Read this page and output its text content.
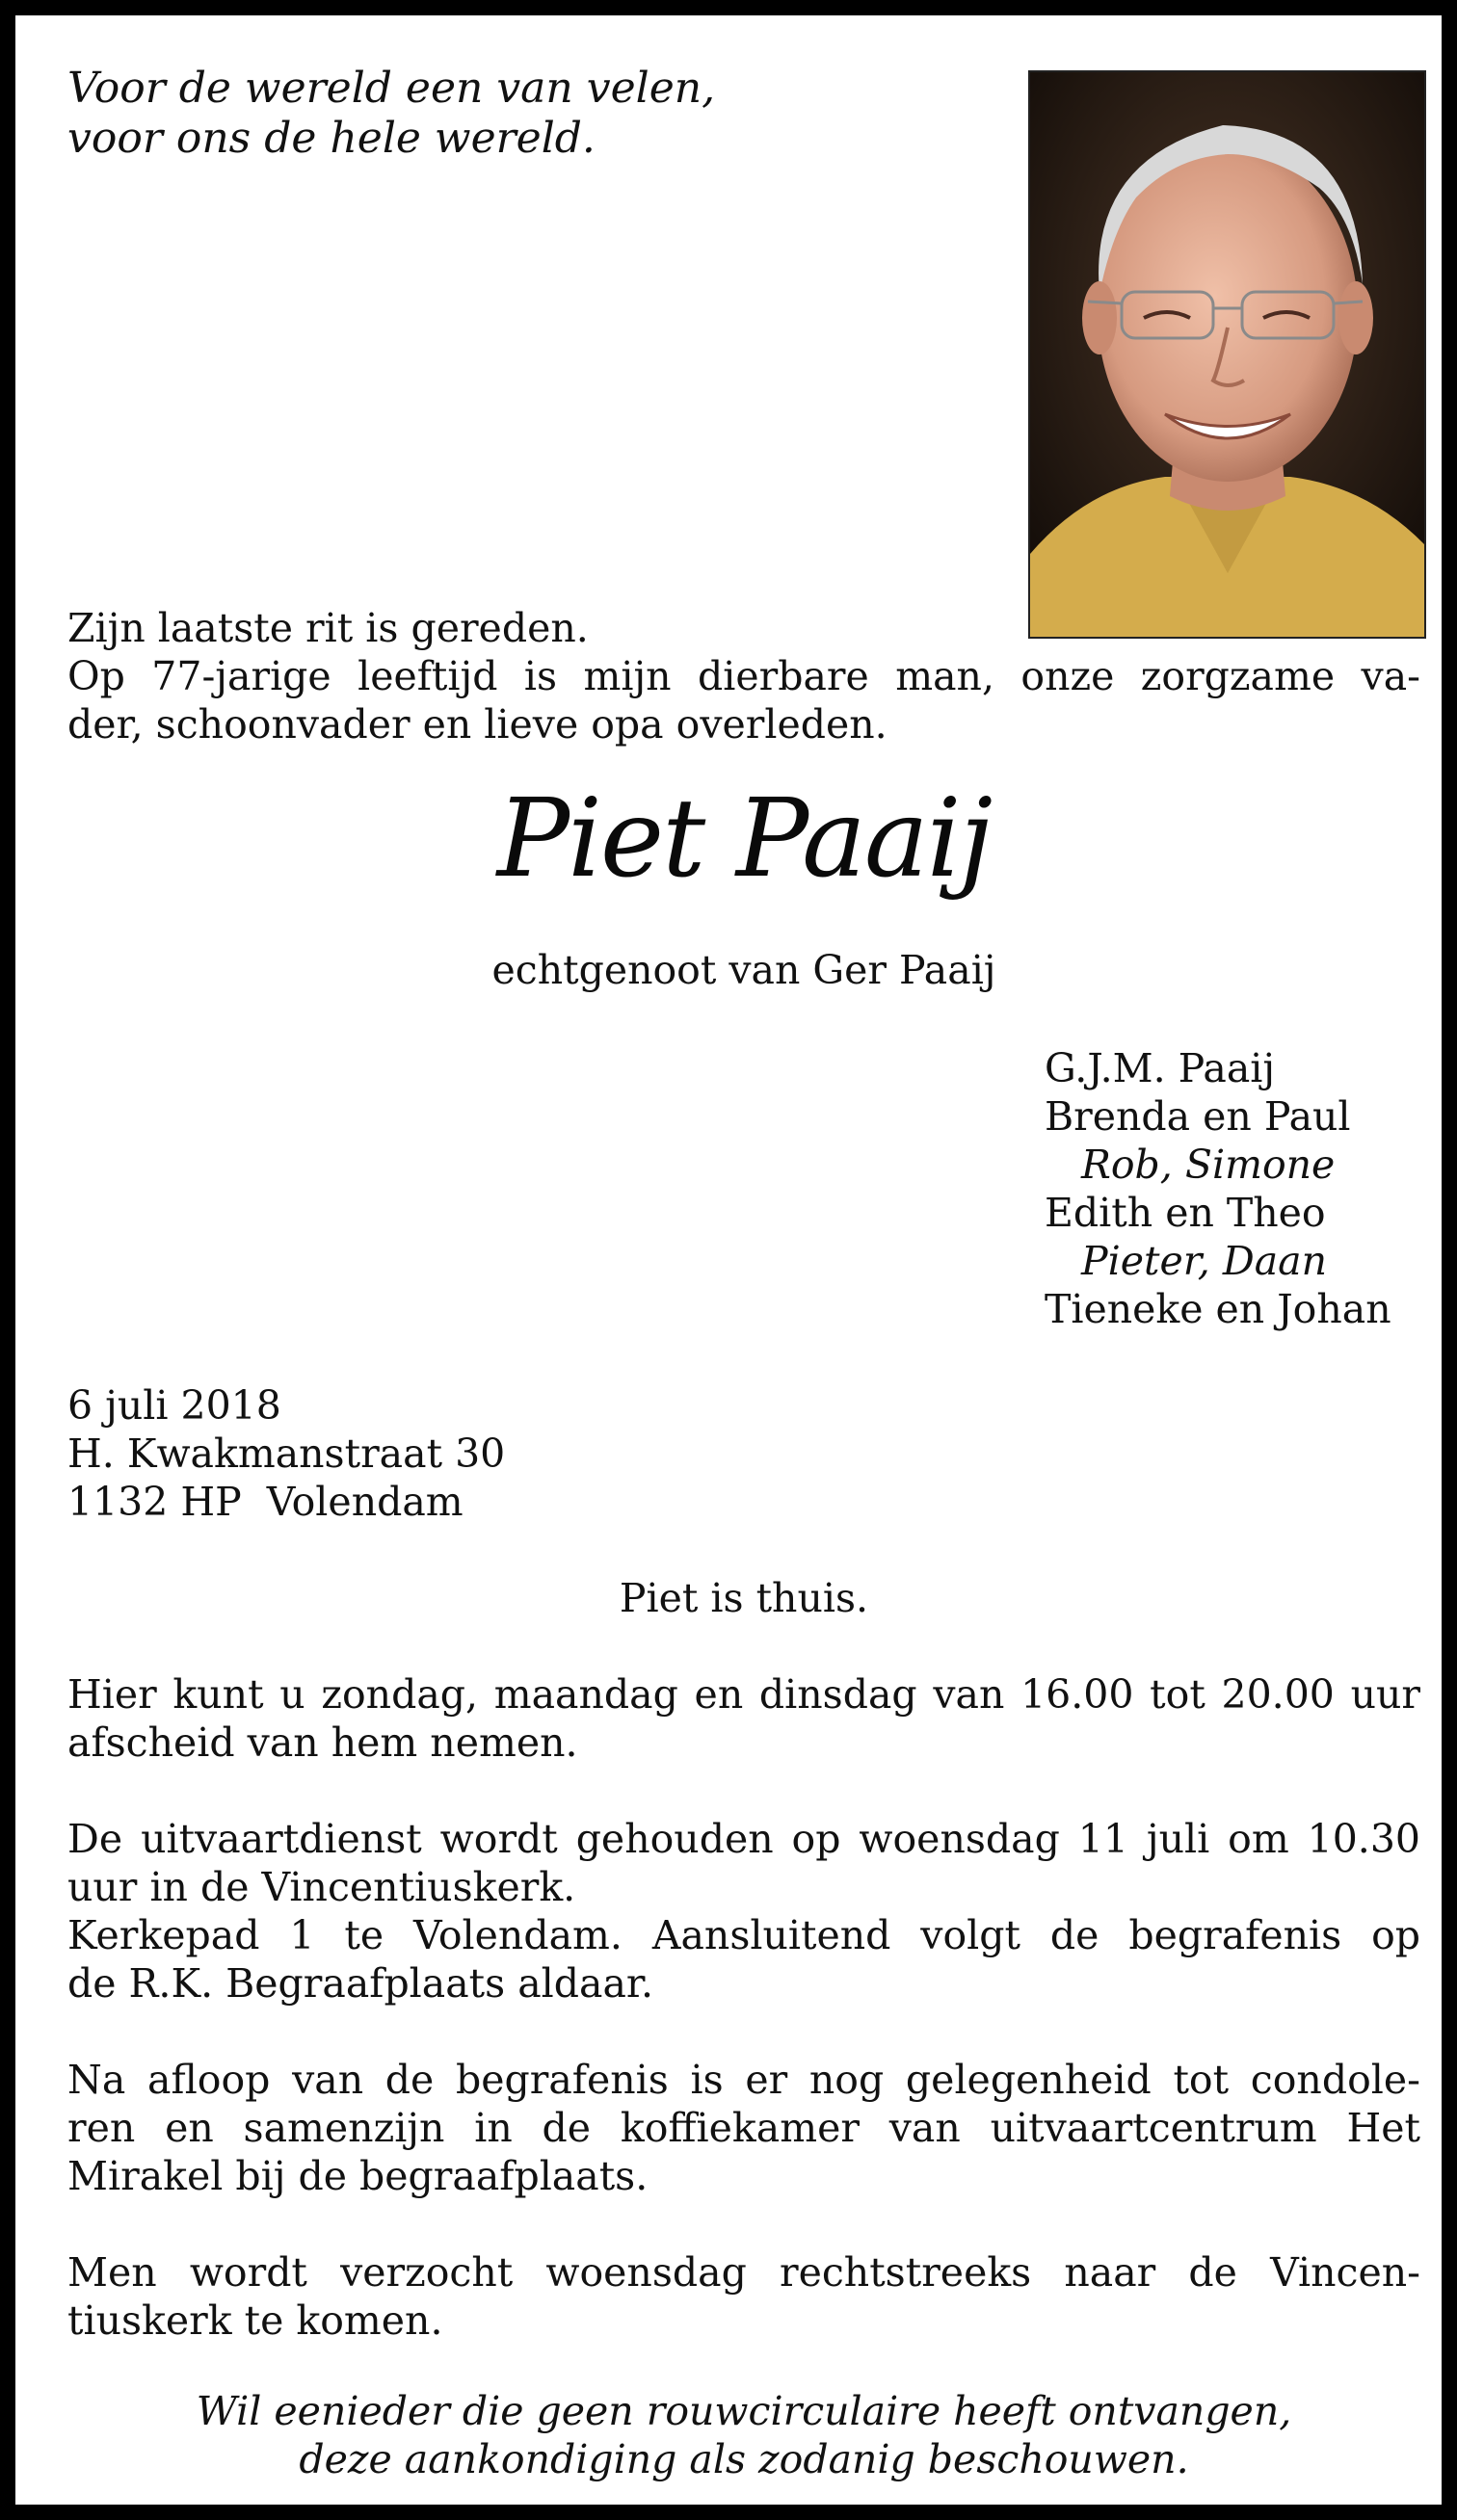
Voor de wereld een van velen,
voor ons de hele wereld.
Zijn laatste rit is gereden.
Op 77-jarige leeftijd is mijn dierbare man, onze zorgzame va-
der, schoonvader en lieve opa overleden.
Piet Paaij
echtgenoot van Ger Paaij
G.J.M. Paaij
Brenda en Paul
Rob, Simone
Edith en Theo
Pieter, Daan
Tieneke en Johan
6 juli 2018
H. Kwakmanstraat 30
1132 HP  Volendam
Piet is thuis.
Hier kunt u zondag, maandag en dinsdag van 16.00 tot 20.00 uur
afscheid van hem nemen.
De uitvaartdienst wordt gehouden op woensdag 11 juli om 10.30
uur in de Vincentiuskerk.
Kerkepad 1 te Volendam. Aansluitend volgt de begrafenis op
de R.K. Begraafplaats aldaar.
Na afloop van de begrafenis is er nog gelegenheid tot condole-
ren en samenzijn in de koffiekamer van uitvaartcentrum Het
Mirakel bij de begraafplaats.
Men wordt verzocht woensdag rechtstreeks naar de Vincen-
tiuskerk te komen.
Wil eenieder die geen rouwcirculaire heeft ontvangen,
deze aankondiging als zodanig beschouwen.
